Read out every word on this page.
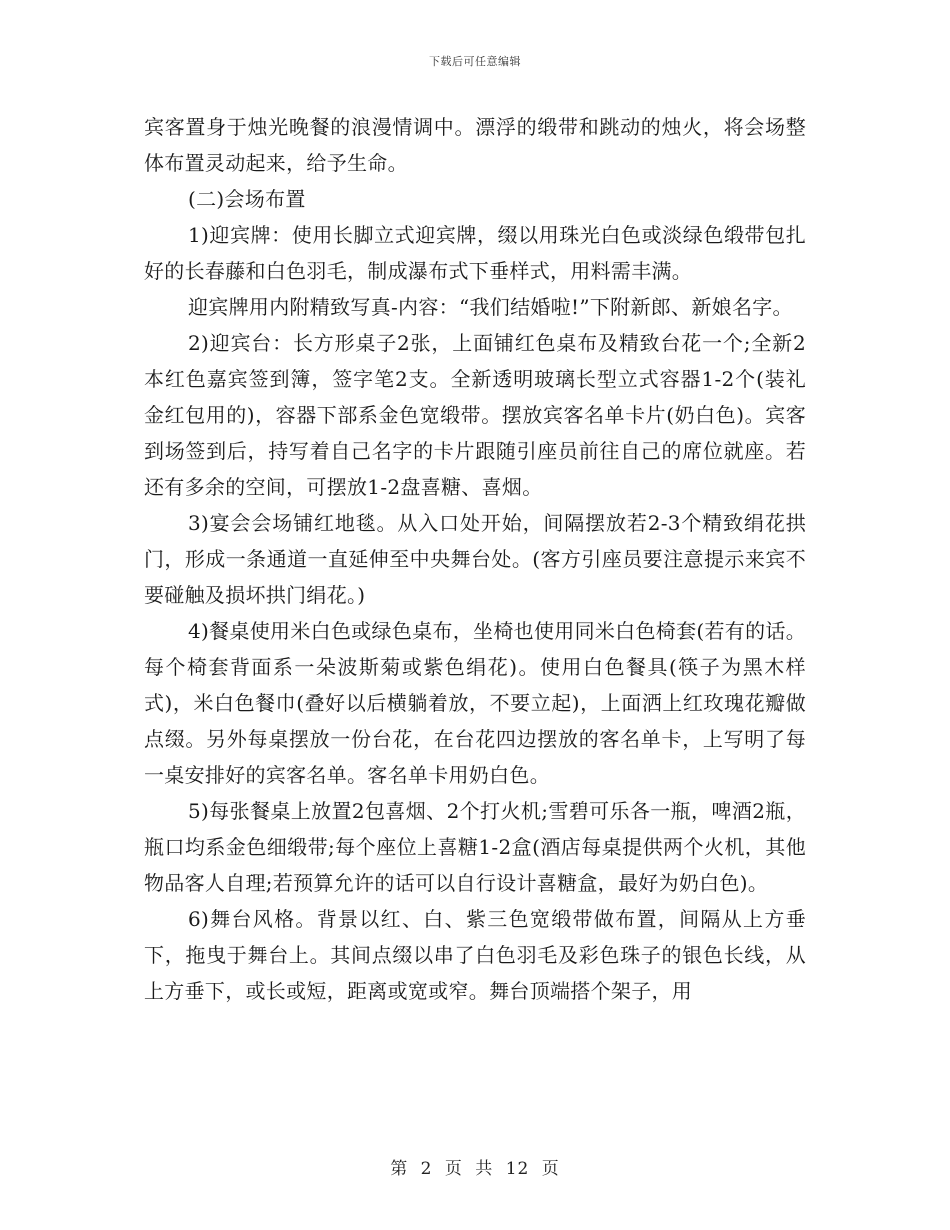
下载后可任意编辑

宾客置身于烛光晚餐的浪漫情调中。漂浮的缎带和跳动的烛火，将会场整体布置灵动起来，给予生命。

(二)会场布置

1)迎宾牌：使用长脚立式迎宾牌，缀以用珠光白色或淡绿色缎带包扎好的长春藤和白色羽毛，制成瀑布式下垂样式，用料需丰满。

迎宾牌用内附精致写真-内容：“我们结婚啦!”下附新郎、新娘名字。

2)迎宾台：长方形桌子2张，上面铺红色桌布及精致台花一个;全新2本红色嘉宾签到簿，签字笔2支。全新透明玻璃长型立式容器1-2个(装礼金红包用的)，容器下部系金色宽缎带。摆放宾客名单卡片(奶白色)。宾客到场签到后，持写着自己名字的卡片跟随引座员前往自己的席位就座。若还有多余的空间，可摆放1-2盘喜糖、喜烟。

3)宴会会场铺红地毯。从入口处开始，间隔摆放若2-3个精致绢花拱门，形成一条通道一直延伸至中央舞台处。(客方引座员要注意提示来宾不要碰触及损坏拱门绢花。)

4)餐桌使用米白色或绿色桌布，坐椅也使用同米白色椅套(若有的话。每个椅套背面系一朵波斯菊或紫色绢花)。使用白色餐具(筷子为黑木样式)，米白色餐巾(叠好以后横躺着放，不要立起)，上面洒上红玫瑰花瓣做点缀。另外每桌摆放一份台花，在台花四边摆放的客名单卡，上写明了每一桌安排好的宾客名单。客名单卡用奶白色。

5)每张餐桌上放置2包喜烟、2个打火机;雪碧可乐各一瓶，啤酒2瓶，瓶口均系金色细缎带;每个座位上喜糖1-2盒(酒店每桌提供两个火机，其他物品客人自理;若预算允许的话可以自行设计喜糖盒，最好为奶白色)。

6)舞台风格。背景以红、白、紫三色宽缎带做布置，间隔从上方垂下，拖曳于舞台上。其间点缀以串了白色羽毛及彩色珠子的银色长线，从上方垂下，或长或短，距离或宽或窄。舞台顶端搭个架子，用

第 2 页 共 12 页
